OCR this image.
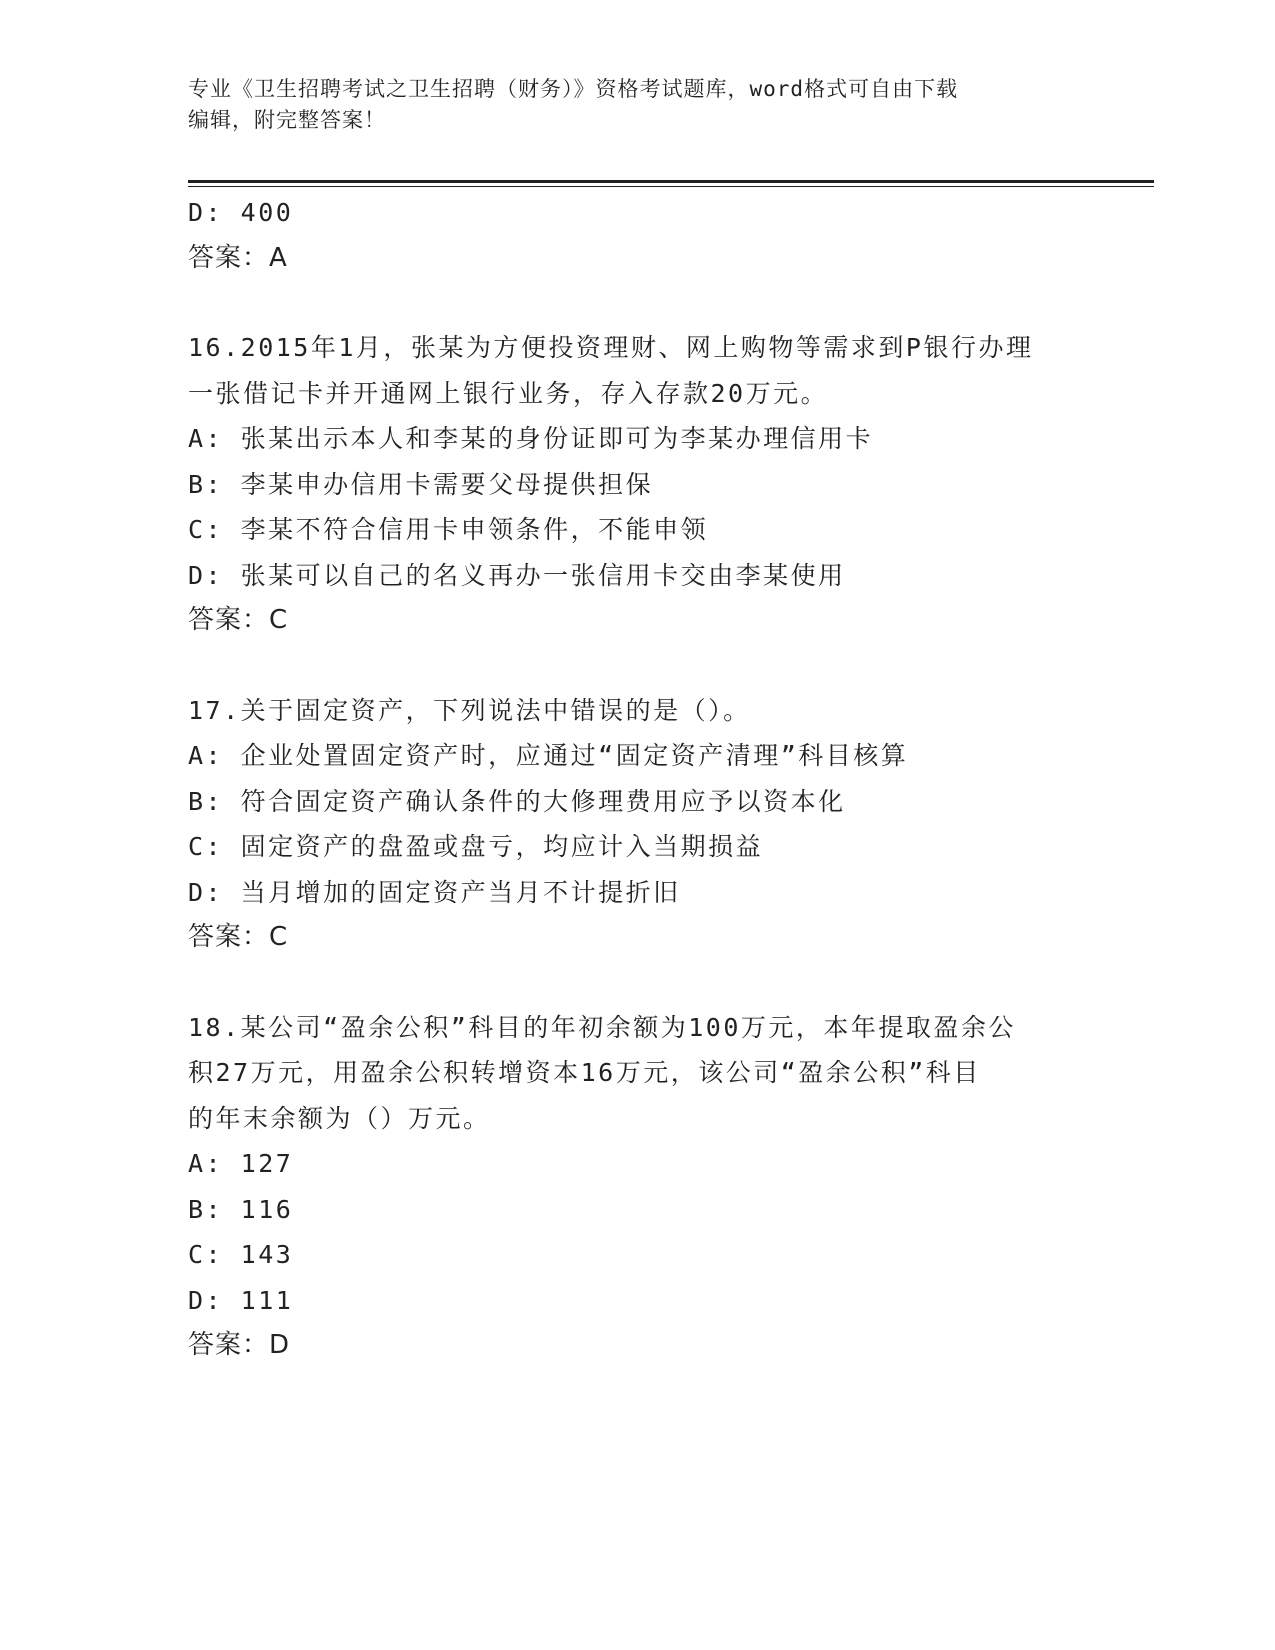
专业《卫生招聘考试之卫生招聘（财务）》资格考试题库，word格式可自由下载
编辑，附完整答案！
D: 400
答案：A
16.2015年1月，张某为方便投资理财、网上购物等需求到P银行办理
一张借记卡并开通网上银行业务，存入存款20万元。
A: 张某出示本人和李某的身份证即可为李某办理信用卡
B: 李某申办信用卡需要父母提供担保
C: 李某不符合信用卡申领条件，不能申领
D: 张某可以自己的名义再办一张信用卡交由李某使用
答案：C
17.关于固定资产，下列说法中错误的是（）。
A: 企业处置固定资产时，应通过“固定资产清理”科目核算
B: 符合固定资产确认条件的大修理费用应予以资本化
C: 固定资产的盘盈或盘亏，均应计入当期损益
D: 当月增加的固定资产当月不计提折旧
答案：C
18.某公司“盈余公积”科目的年初余额为100万元，本年提取盈余公
积27万元，用盈余公积转增资本16万元，该公司“盈余公积”科目
的年末余额为（）万元。
A: 127
B: 116
C: 143
D: 111
答案：D
